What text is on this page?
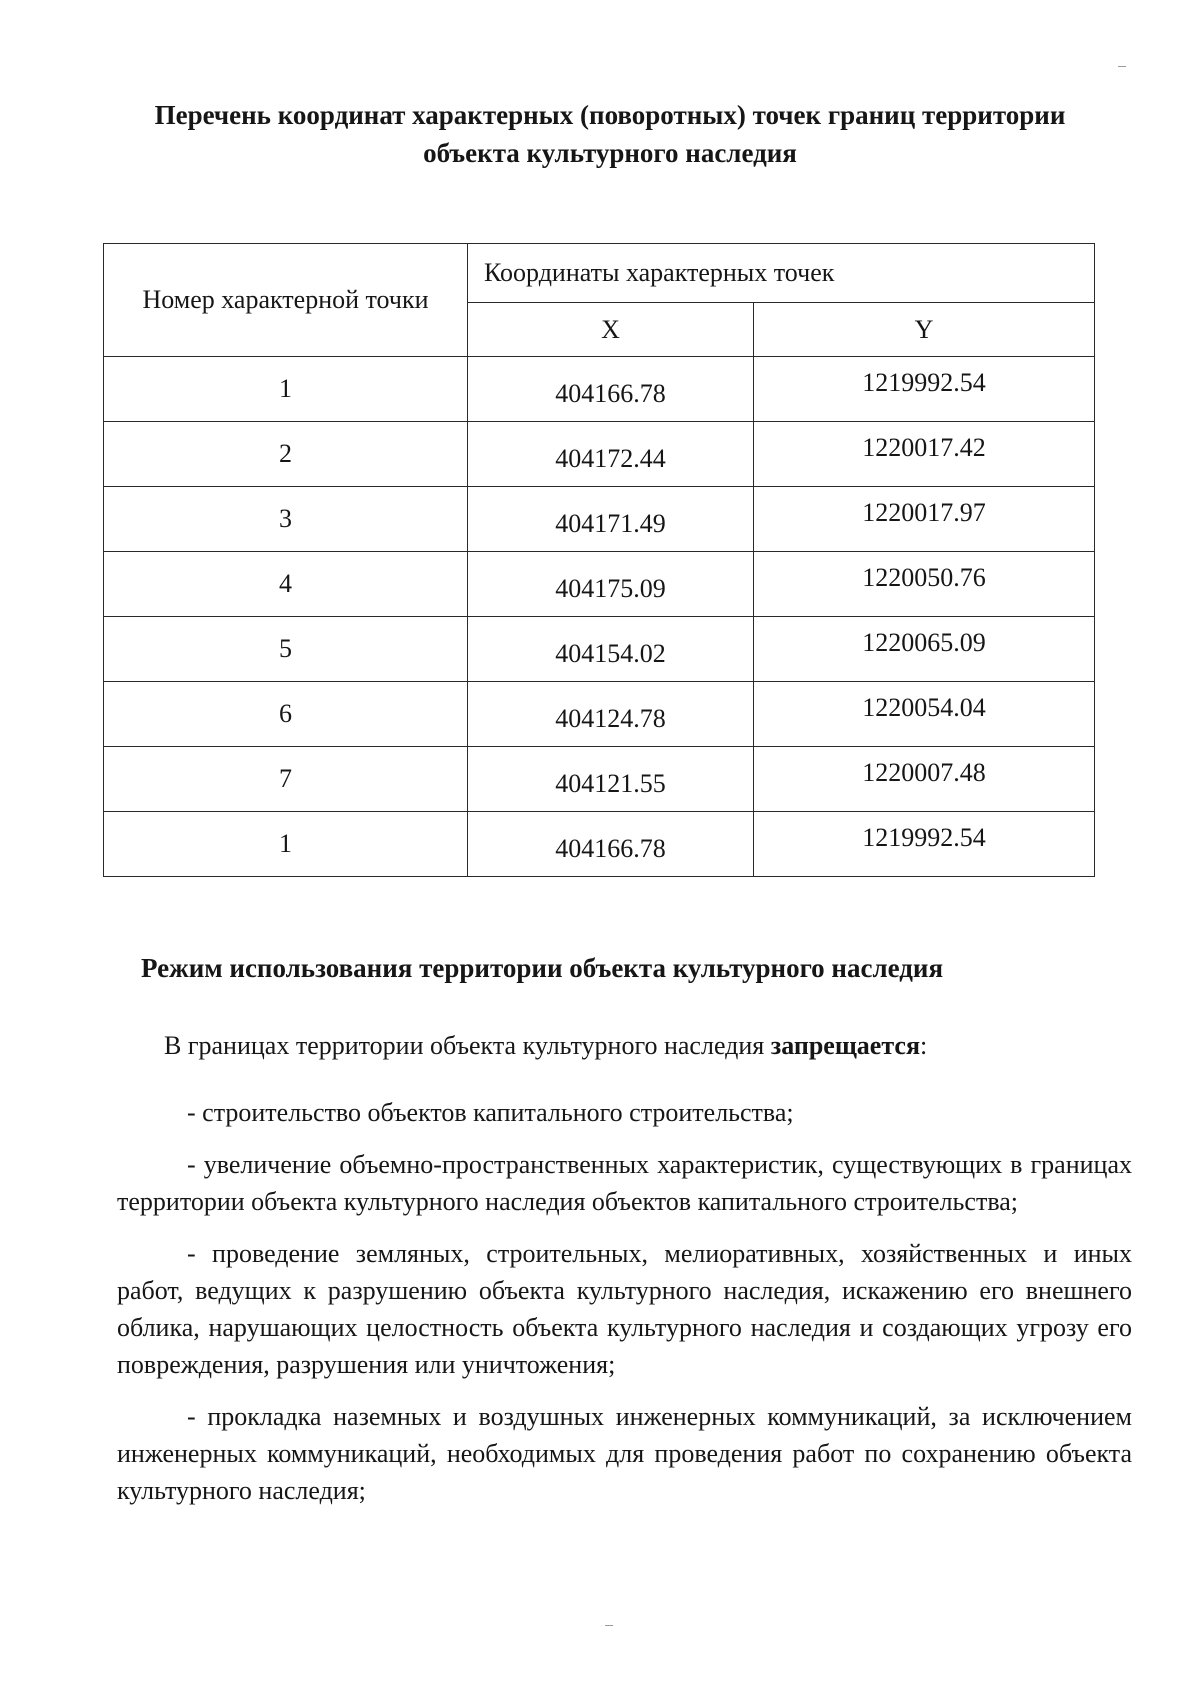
Перечень координат характерных (поворотных) точек границ территории объекта культурного наследия
Номер характерной точки	Координаты характерных точек	
	X	Y
1	404166.78	1219992.54
2	404172.44	1220017.42
3	404171.49	1220017.97
4	404175.09	1220050.76
5	404154.02	1220065.09
6	404124.78	1220054.04
7	404121.55	1220007.48
1	404166.78	1219992.54
Режим использования территории объекта культурного наследия
В границах территории объекта культурного наследия запрещается:

- строительство объектов капитального строительства;

- увеличение объемно-пространственных характеристик, существующих в границах территории объекта культурного наследия объектов капитального строительства;

- проведение земляных, строительных, мелиоративных, хозяйственных и иных работ, ведущих к разрушению объекта культурного наследия, искажению его внешнего облика, нарушающих целостность объекта культурного наследия и создающих угрозу его повреждения, разрушения или уничтожения;

- прокладка наземных и воздушных инженерных коммуникаций, за исключением инженерных коммуникаций, необходимых для проведения работ по сохранению объекта культурного наследия;
